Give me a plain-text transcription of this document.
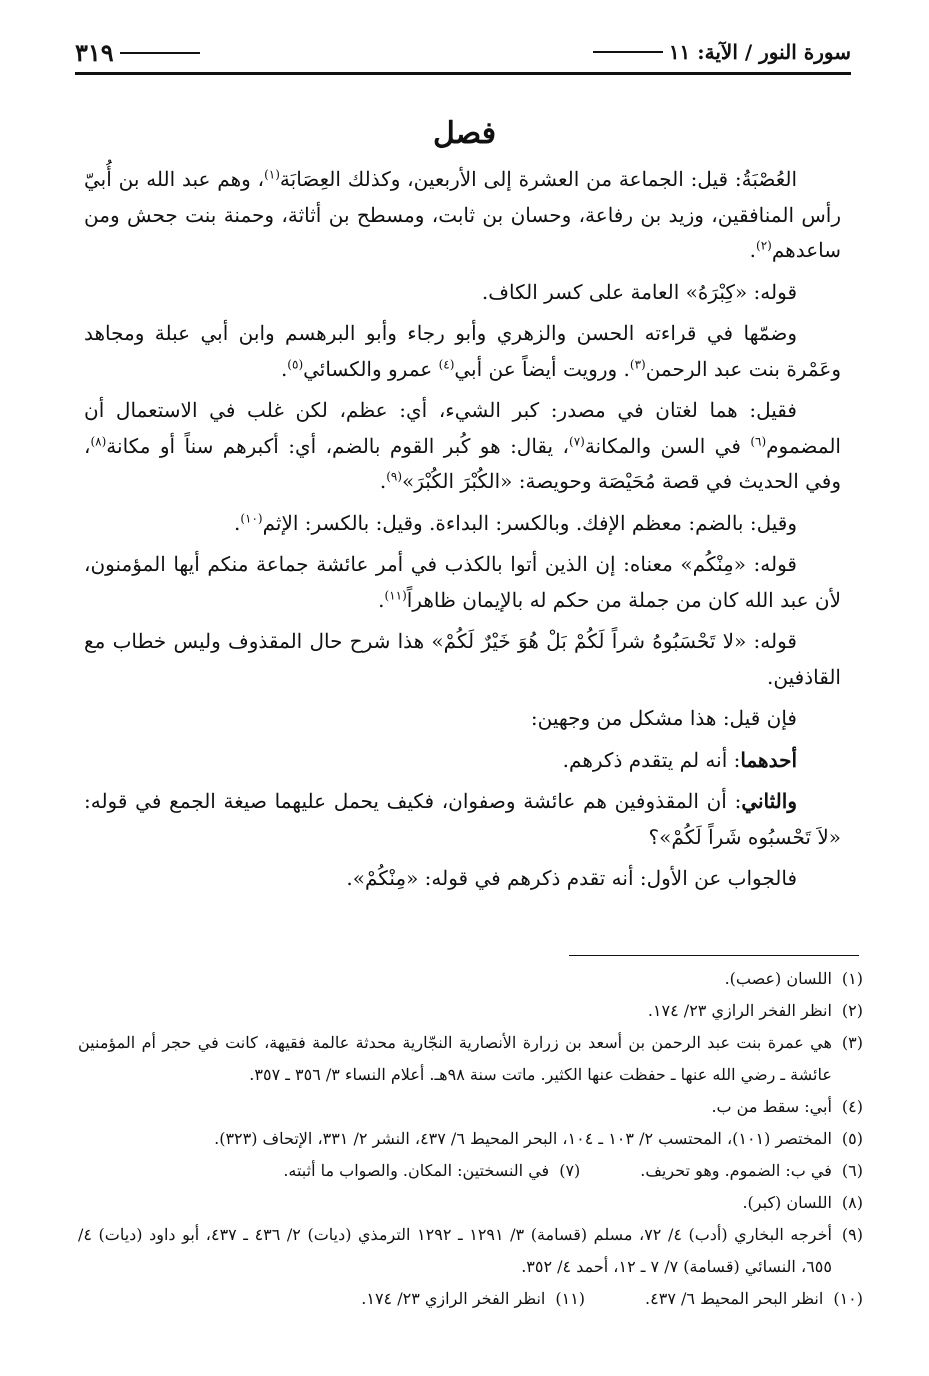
سورة النور / الآية: ١١
٣١٩
فصل

العُصْبَةُ: قيل: الجماعة من العشرة إلى الأربعين، وكذلك العِصَابَة$^{(١)}$، وهم عبد الله بن أُبيّ رأس المنافقين، وزيد بن رفاعة، وحسان بن ثابت، ومسطح بن أثاثة، وحمنة بنت جحش ومن ساعدهم$^{(٢)}$.

قوله: «كِبْرَهُ» العامة على كسر الكاف.

وضمّها في قراءته الحسن والزهري وأبو رجاء وأبو البرهسم وابن أبي عبلة ومجاهد وعَمْرة بنت عبد الرحمن$^{(٣)}$. ورويت أيضاً عن أبي$^{(٤)}$ عمرو والكسائي$^{(٥)}$.

فقيل: هما لغتان في مصدر: كبر الشيء، أي: عظم، لكن غلب في الاستعمال أن المضموم$^{(٦)}$ في السن والمكانة$^{(٧)}$، يقال: هو كُبر القوم بالضم، أي: أكبرهم سناً أو مكانة$^{(٨)}$، وفي الحديث في قصة مُحَيْصَة وحويصة: «الكُبْرَ الكُبْرَ»$^{(٩)}$.

وقيل: بالضم: معظم الإفك. وبالكسر: البداءة. وقيل: بالكسر: الإثم$^{(١٠)}$.

قوله: «مِنْكُم» معناه: إن الذين أتوا بالكذب في أمر عائشة جماعة منكم أيها المؤمنون، لأن عبد الله كان من جملة من حكم له بالإيمان ظاهراً$^{(١١)}$.

قوله: «لا تَحْسَبُوهُ شراً لَكُمْ بَلْ هُوَ خَيْرٌ لَكُمْ» هذا شرح حال المقذوف وليس خطاب مع القاذفين.

فإن قيل: هذا مشكل من وجهين:

أحدهما: أنه لم يتقدم ذكرهم.

والثاني: أن المقذوفين هم عائشة وصفوان، فكيف يحمل عليهما صيغة الجمع في قوله: «لاَ تَحْسبُوه شَراً لَكُمْ»؟

فالجواب عن الأول: أنه تقدم ذكرهم في قوله: «مِنْكُمْ».

(١)
اللسان (عصب).
(٢)
انظر الفخر الرازي ٢٣/ ١٧٤.
(٣)
هي عمرة بنت عبد الرحمن بن أسعد بن زرارة الأنصارية النجّارية محدثة عالمة فقيهة، كانت في حجر أم المؤمنين عائشة ـ رضي الله عنها ـ حفظت عنها الكثير. ماتت سنة ٩٨هـ. أعلام النساء ٣/ ٣٥٦ ـ ٣٥٧.
(٤)
أبي: سقط من ب.
(٥)
المختصر (١٠١)، المحتسب ٢/ ١٠٣ ـ ١٠٤، البحر المحيط ٦/ ٤٣٧، النشر ٢/ ٣٣١، الإتحاف (٣٢٣).
(٦)
في ب: الضموم. وهو تحريف.
(٧)
في النسختين: المكان. والصواب ما أثبته.
(٨)
اللسان (كبر).
(٩)
أخرجه البخاري (أدب) ٤/ ٧٢، مسلم (قسامة) ٣/ ١٢٩١ ـ ١٢٩٢ الترمذي (ديات) ٢/ ٤٣٦ ـ ٤٣٧، أبو داود (ديات) ٤/ ٦٥٥، النسائي (قسامة) ٧/ ٧ ـ ١٢، أحمد ٤/ ٣٥٢.
(١٠)
انظر البحر المحيط ٦/ ٤٣٧.
(١١)
انظر الفخر الرازي ٢٣/ ١٧٤.
